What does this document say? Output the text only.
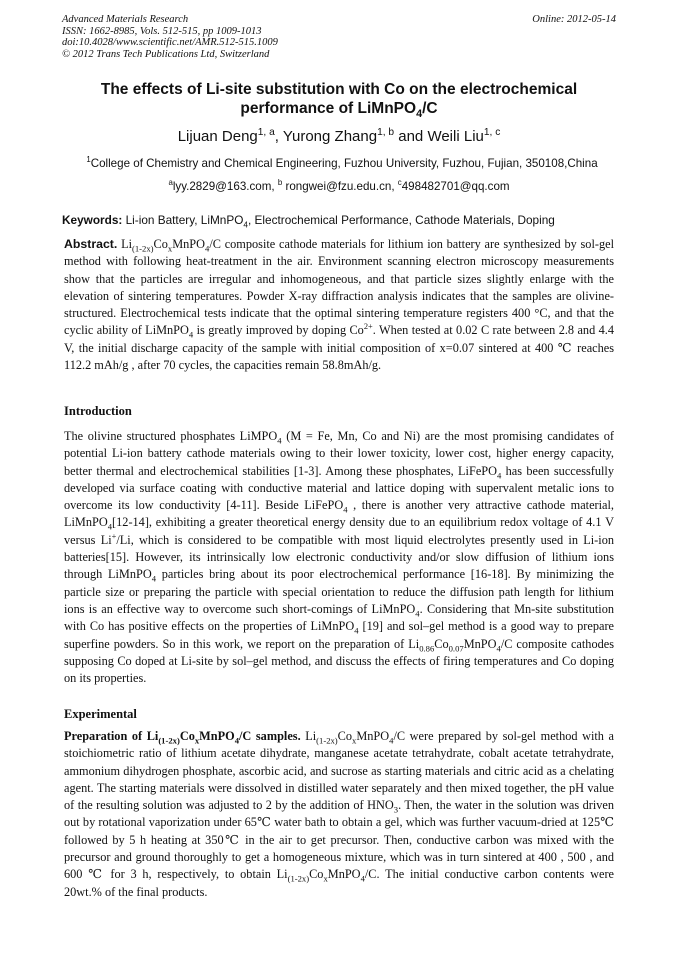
Advanced Materials Research
ISSN: 1662-8985, Vols. 512-515, pp 1009-1013
doi:10.4028/www.scientific.net/AMR.512-515.1009
© 2012 Trans Tech Publications Ltd, Switzerland
Online: 2012-05-14
The effects of Li-site substitution with Co on the electrochemical performance of LiMnPO$_4$/C
Lijuan Deng$^{1, a}$, Yurong Zhang$^{1, b}$ and Weili Liu$^{1, c}$
$^1$College of Chemistry and Chemical Engineering, Fuzhou University, Fuzhou, Fujian, 350108,China
$^a$lyy.2829@163.com, $^b$ rongwei@fzu.edu.cn, $^c$498482701@qq.com
Keywords: Li-ion Battery, LiMnPO$_4$, Electrochemical Performance, Cathode Materials, Doping

Abstract. $Li_{(1-2x)}Co_xMnPO_4/C$ composite cathode materials for lithium ion battery are synthesized by sol-gel method with following heat-treatment in the air. Environment scanning electron microscopy measurements show that the particles are irregular and inhomogeneous, and that particle sizes slightly enlarge with the elevation of sintering temperatures. Powder X-ray diffraction analysis indicates that the samples are olivine-structured. Electrochemical tests indicate that the optimal sintering temperature registers 400 °C, and that the cyclic ability of LiMnPO$_4$ is greatly improved by doping $Co^{2+}$. When tested at 0.02 C rate between 2.8 and 4.4 V, the initial discharge capacity of the sample with initial composition of x=0.07 sintered at 400 ℃ reaches 112.2 mAh/g , after 70 cycles, the capacities remain 58.8mAh/g.

Introduction

The olivine structured phosphates LiMPO$_4$ (M = Fe, Mn, Co and Ni) are the most promising candidates of potential Li-ion battery cathode materials owing to their lower toxicity, lower cost, higher energy capacity, better thermal and electrochemical stabilities [1-3]. Among these phosphates, LiFePO$_4$ has been successfully developed via surface coating with conductive material and lattice doping with supervalent metalic ions to overcome its low conductivity [4-11]. Beside LiFePO$_4$ , there is another very attractive cathode material, LiMnPO$_4$[12-14], exhibiting a greater theoretical energy density due to an equilibrium redox voltage of 4.1 V versus Li+/Li, which is considered to be compatible with most liquid electrolytes presently used in Li-ion batteries[15]. However, its intrinsically low electronic conductivity and/or slow diffusion of lithium ions through LiMnPO$_4$ particles bring about its poor electrochemical performance [16-18]. By minimizing the particle size or preparing the particle with special orientation to reduce the diffusion path length for lithium ions is an effective way to overcome such short-comings of LiMnPO$_4$. Considering that Mn-site substitution with Co has positive effects on the properties of LiMnPO$_4$ [19] and sol–gel method is a good way to prepare superfine powders. So in this work, we report on the preparation of $Li_{0.86}Co_{0.07}MnPO_4/C$ composite cathodes supposing Co doped at Li-site by sol–gel method, and discuss the effects of firing temperatures and Co doping on its properties.

Experimental

Preparation of $Li_{(1-2x)}Co_xMnPO_4/C$ samples. $Li_{(1-2x)}Co_xMnPO_4/C$ were prepared by sol-gel method with a stoichiometric ratio of lithium acetate dihydrate, manganese acetate tetrahydrate, cobalt acetate tetrahydrate, ammonium dihydrogen phosphate, ascorbic acid, and sucrose as starting materials and citric acid as a chelating agent. The starting materials were dissolved in distilled water separately and then mixed together, the pH value of the resulting solution was adjusted to 2 by the addition of $HNO_3$. Then, the water in the solution was driven out by rotational vaporization under 65℃ water bath to obtain a gel, which was further vacuum-dried at 125℃ followed by 5 h heating at 350℃ in the air to get precursor. Then, conductive carbon was mixed with the precursor and ground thoroughly to get a homogeneous mixture, which was in turn sintered at 400 , 500 , and 600 ℃ for 3 h, respectively, to obtain $Li_{(1-2x)}Co_xMnPO_4/C$. The initial conductive carbon contents were 20wt.% of the final products.
